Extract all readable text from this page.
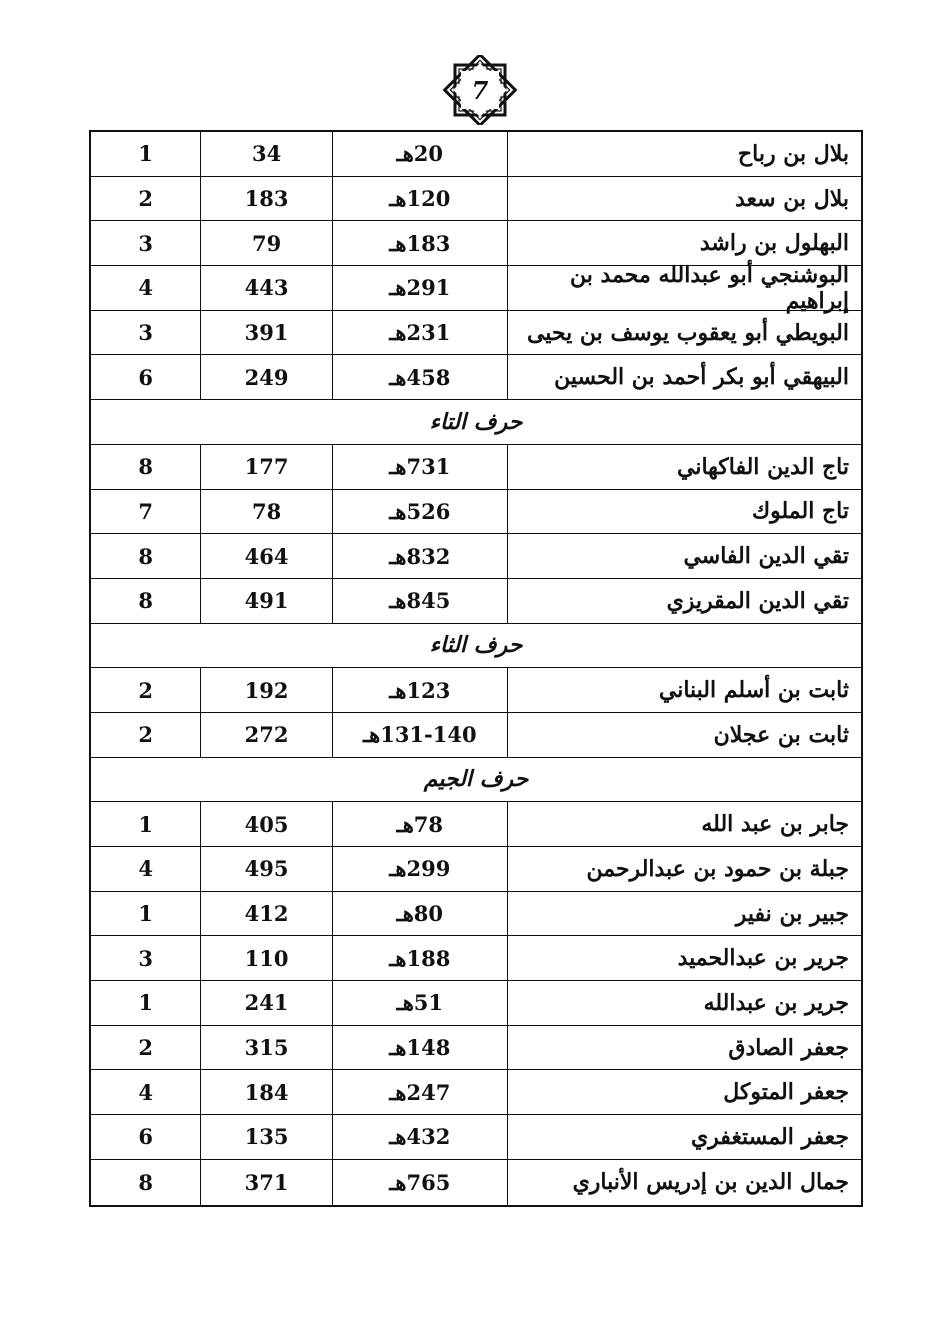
7
بلال بن رباح
20هـ
34
1
بلال بن سعد
120هـ
183
2
البهلول بن راشد
183هـ
79
3
البوشنجي أبو عبدالله محمد بن إبراهيم
291هـ
443
4
البويطي أبو يعقوب يوسف بن يحيى
231هـ
391
3
البيهقي أبو بكر أحمد بن الحسين
458هـ
249
6
حرف التاء
تاج الدين الفاكهاني
731هـ
177
8
تاج الملوك
526هـ
78
7
تقي الدين الفاسي
832هـ
464
8
تقي الدين المقريزي
845هـ
491
8
حرف الثاء
ثابت بن أسلم البناني
123هـ
192
2
ثابت بن عجلان
131-140هـ
272
2
حرف الجيم
جابر بن عبد الله
78هـ
405
1
جبلة بن حمود بن عبدالرحمن
299هـ
495
4
جبير بن نفير
80هـ
412
1
جرير بن عبدالحميد
188هـ
110
3
جرير بن عبدالله
51هـ
241
1
جعفر الصادق
148هـ
315
2
جعفر المتوكل
247هـ
184
4
جعفر المستغفري
432هـ
135
6
جمال الدين بن إدريس الأنباري
765هـ
371
8
